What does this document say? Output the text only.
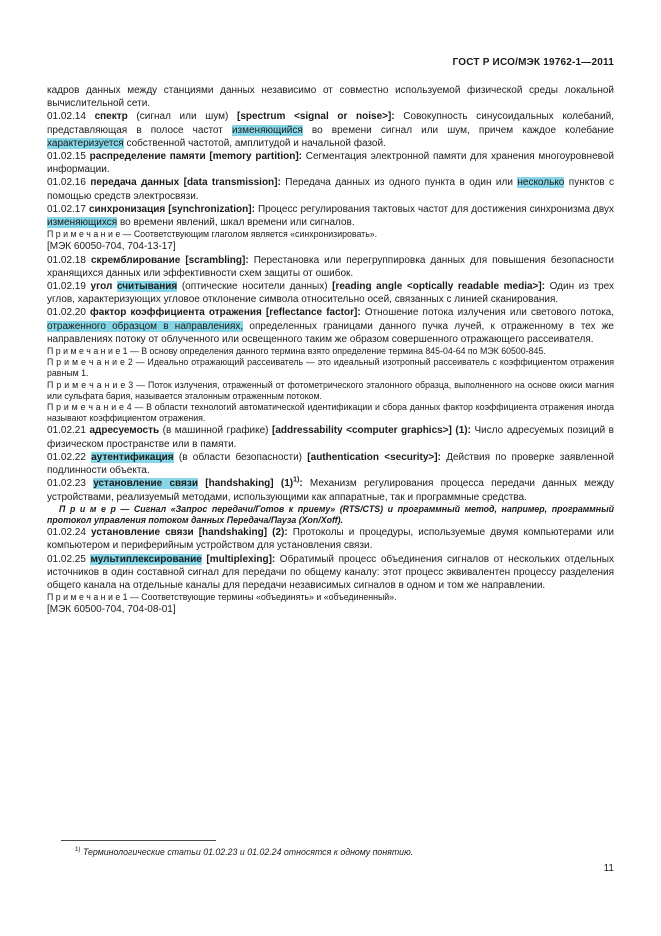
ГОСТ Р ИСО/МЭК 19762-1—2011

кадров данных между станциями данных независимо от совместно используемой физической среды локальной вычислительной сети.

01.02.14 спектр (сигнал или шум) [spectrum <signal or noise>]: Совокупность синусоидальных колебаний, представляющая в полосе частот изменяющийся во времени сигнал или шум, причем каждое колебание характеризуется собственной частотой, амплитудой и начальной фазой.

01.02.15 распределение памяти [memory partition]: Сегментация электронной памяти для хранения многоуровневой информации.

01.02.16 передача данных [data transmission]: Передача данных из одного пункта в один или несколько пунктов с помощью средств электросвязи.

01.02.17 синхронизация [synchronization]: Процесс регулирования тактовых частот для достижения синхронизма двух изменяющихся во времени явлений, шкал времени или сигналов.

П р и м е ч а н и е — Соответствующим глаголом является «синхронизировать».

[МЭК 60050-704, 704-13-17]

01.02.18 скремблирование [scrambling]: Перестановка или перегруппировка данных для повышения безопасности хранящихся данных или эффективности схем защиты от ошибок.

01.02.19 угол считывания (оптические носители данных) [reading angle <optically readable media>]: Один из трех углов, характеризующих угловое отклонение символа относительно осей, связанных с линией сканирования.

01.02.20 фактор коэффициента отражения [reflectance factor]: Отношение потока излучения или светового потока, отраженного образцом в направлениях, определенных границами данного пучка лучей, к отраженному в тех же направлениях потоку от облученного или освещенного таким же образом совершенного отражающего рассеивателя.

П р и м е ч а н и е 1 — В основу определения данного термина взято определение термина 845-04-64 по МЭК 60500-845.

П р и м е ч а н и е 2 — Идеально отражающий рассеиватель — это идеальный изотропный рассеиватель с коэффициентом отражения равным 1.

П р и м е ч а н и е 3 — Поток излучения, отраженный от фотометрического эталонного образца, выполненного на основе окиси магния или сульфата бария, называется эталонным отраженным потоком.

П р и м е ч а н и е 4 — В области технологий автоматической идентификации и сбора данных фактор коэффициента отражения иногда называют коэффициентом отражения.

01.02.21 адресуемость (в машинной графике) [addressability <computer graphics>] (1): Число адресуемых позиций в физическом пространстве или в памяти.

01.02.22 аутентификация (в области безопасности) [authentication <security>]: Действия по проверке заявленной подлинности объекта.

01.02.23 установление связи [handshaking] $(1)^{1)}$: Механизм регулирования процесса передачи данных между устройствами, реализуемый методами, использующими как аппаратные, так и программные средства.

П р и м е р — Сигнал «Запрос передачи/Готов к приему» (RTS/CTS) и программный метод, например, программный протокол управления потоком данных Передача/Пауза (Xon/Xoff).

01.02.24 установление связи [handshaking] (2): Протоколы и процедуры, используемые двумя компьютерами или компьютером и периферийным устройством для установления связи.

01.02.25 мультиплексирование [multiplexing]: Обратимый процесс объединения сигналов от нескольких отдельных источников в один составной сигнал для передачи по общему каналу: этот процесс эквивалентен процессу разделения общего канала на отдельные каналы для передачи независимых сигналов в одном и том же направлении.

П р и м е ч а н и е 1 — Соответствующие термины «объединять» и «объединенный».

[МЭК 60500-704, 704-08-01]

$^{1)}$ Терминологические статьи 01.02.23 и 01.02.24 относятся к одному понятию.
11
